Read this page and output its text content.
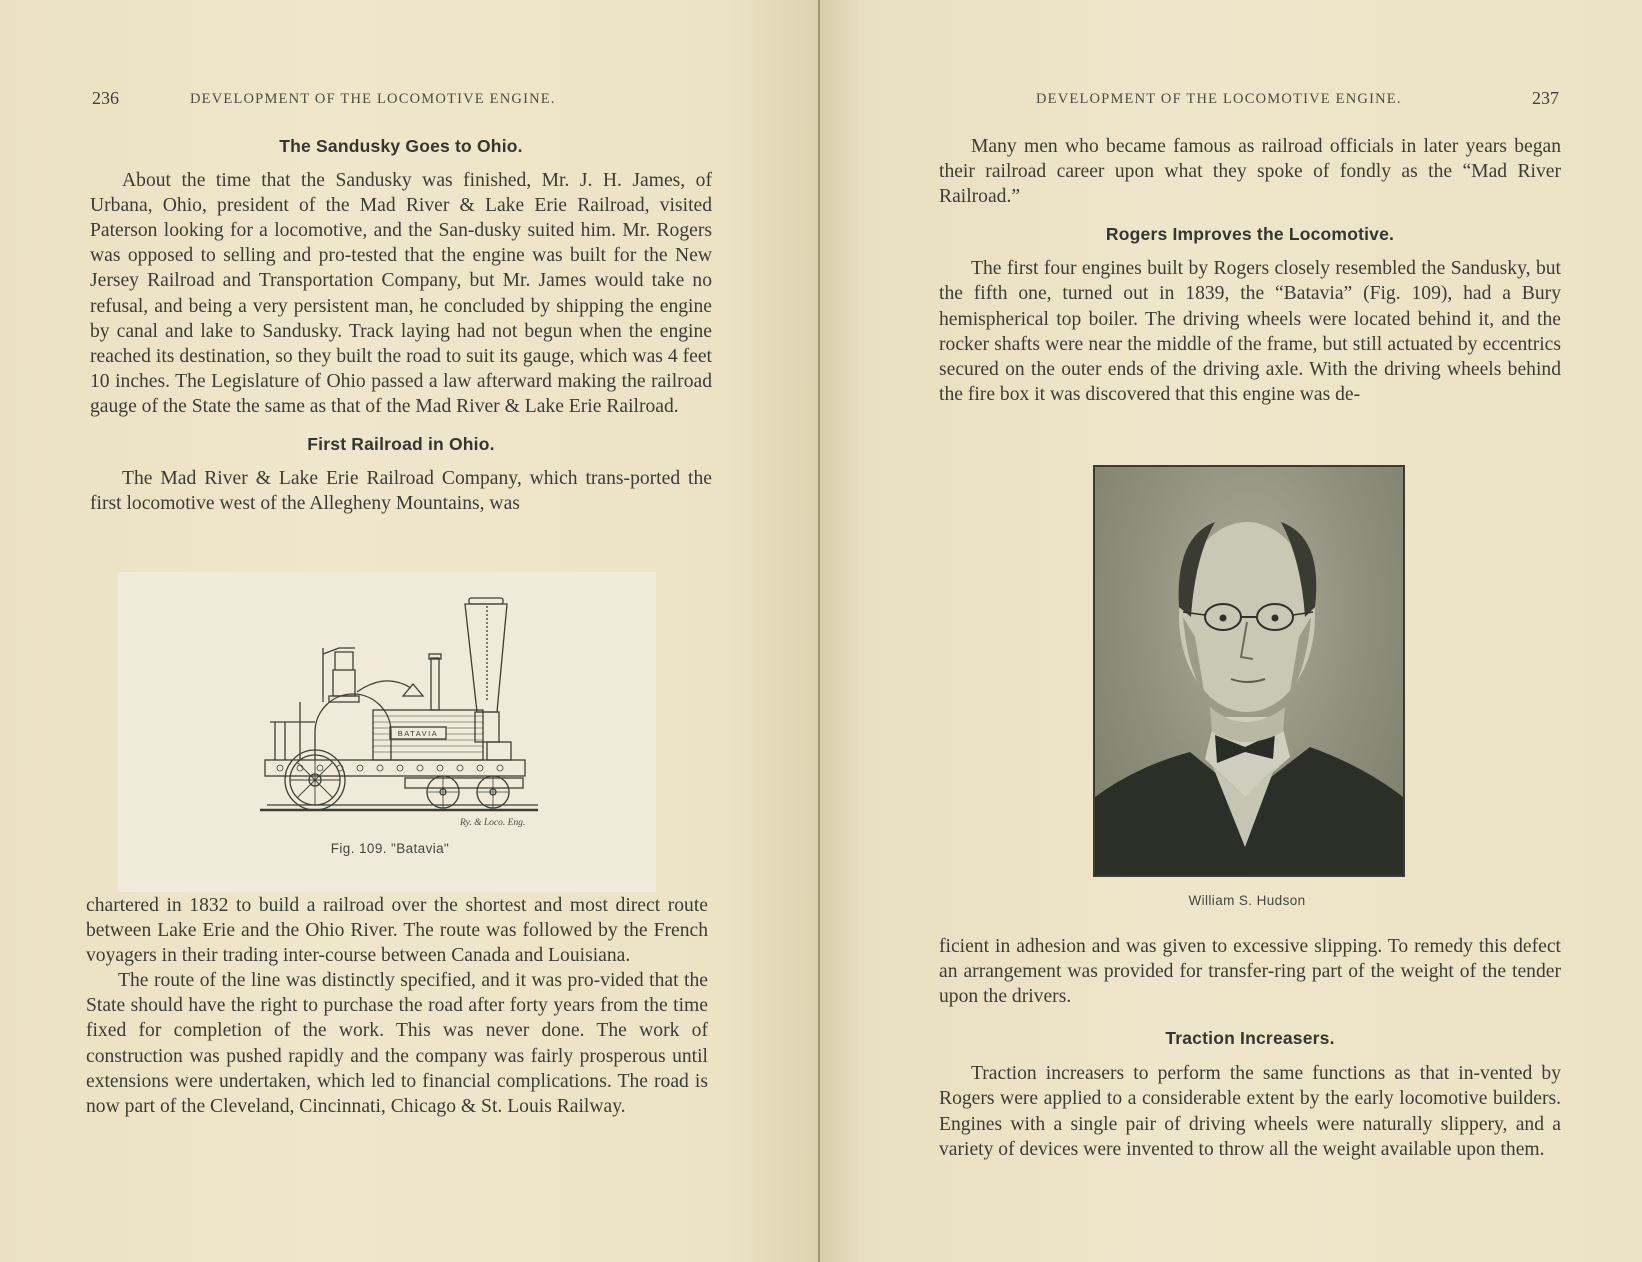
236	DEVELOPMENT OF THE LOCOMOTIVE ENGINE.
The Sandusky Goes to Ohio.

About the time that the Sandusky was finished, Mr. J. H. James, of Urbana, Ohio, president of the Mad River & Lake Erie Railroad, visited Paterson looking for a locomotive, and the San-dusky suited him. Mr. Rogers was opposed to selling and pro-tested that the engine was built for the New Jersey Railroad and Transportation Company, but Mr. James would take no refusal, and being a very persistent man, he concluded by shipping the engine by canal and lake to Sandusky. Track laying had not begun when the engine reached its destination, so they built the road to suit its gauge, which was 4 feet 10 inches. The Legislature of Ohio passed a law afterward making the railroad gauge of the State the same as that of the Mad River & Lake Erie Railroad.

First Railroad in Ohio.

The Mad River & Lake Erie Railroad Company, which trans-ported the first locomotive west of the Allegheny Mountains, was

BATAVIA
Ry. & Loco. Eng.
Fig. 109. "Batavia"

chartered in 1832 to build a railroad over the shortest and most direct route between Lake Erie and the Ohio River. The route was followed by the French voyagers in their trading inter-course between Canada and Louisiana.

The route of the line was distinctly specified, and it was pro-vided that the State should have the right to purchase the road after forty years from the time fixed for completion of the work. This was never done. The work of construction was pushed rapidly and the company was fairly prosperous until extensions were undertaken, which led to financial complications. The road is now part of the Cleveland, Cincinnati, Chicago & St. Louis Railway.

DEVELOPMENT OF THE LOCOMOTIVE ENGINE.	237

Many men who became famous as railroad officials in later years began their railroad career upon what they spoke of fondly as the “Mad River Railroad.”

Rogers Improves the Locomotive.

The first four engines built by Rogers closely resembled the Sandusky, but the fifth one, turned out in 1839, the “Batavia” (Fig. 109), had a Bury hemispherical top boiler. The driving wheels were located behind it, and the rocker shafts were near the middle of the frame, but still actuated by eccentrics secured on the outer ends of the driving axle. With the driving wheels behind the fire box it was discovered that this engine was de-

William S. Hudson

ficient in adhesion and was given to excessive slipping. To remedy this defect an arrangement was provided for transfer-ring part of the weight of the tender upon the drivers.

Traction Increasers.

Traction increasers to perform the same functions as that in-vented by Rogers were applied to a considerable extent by the early locomotive builders. Engines with a single pair of driving wheels were naturally slippery, and a variety of devices were invented to throw all the weight available upon them.
